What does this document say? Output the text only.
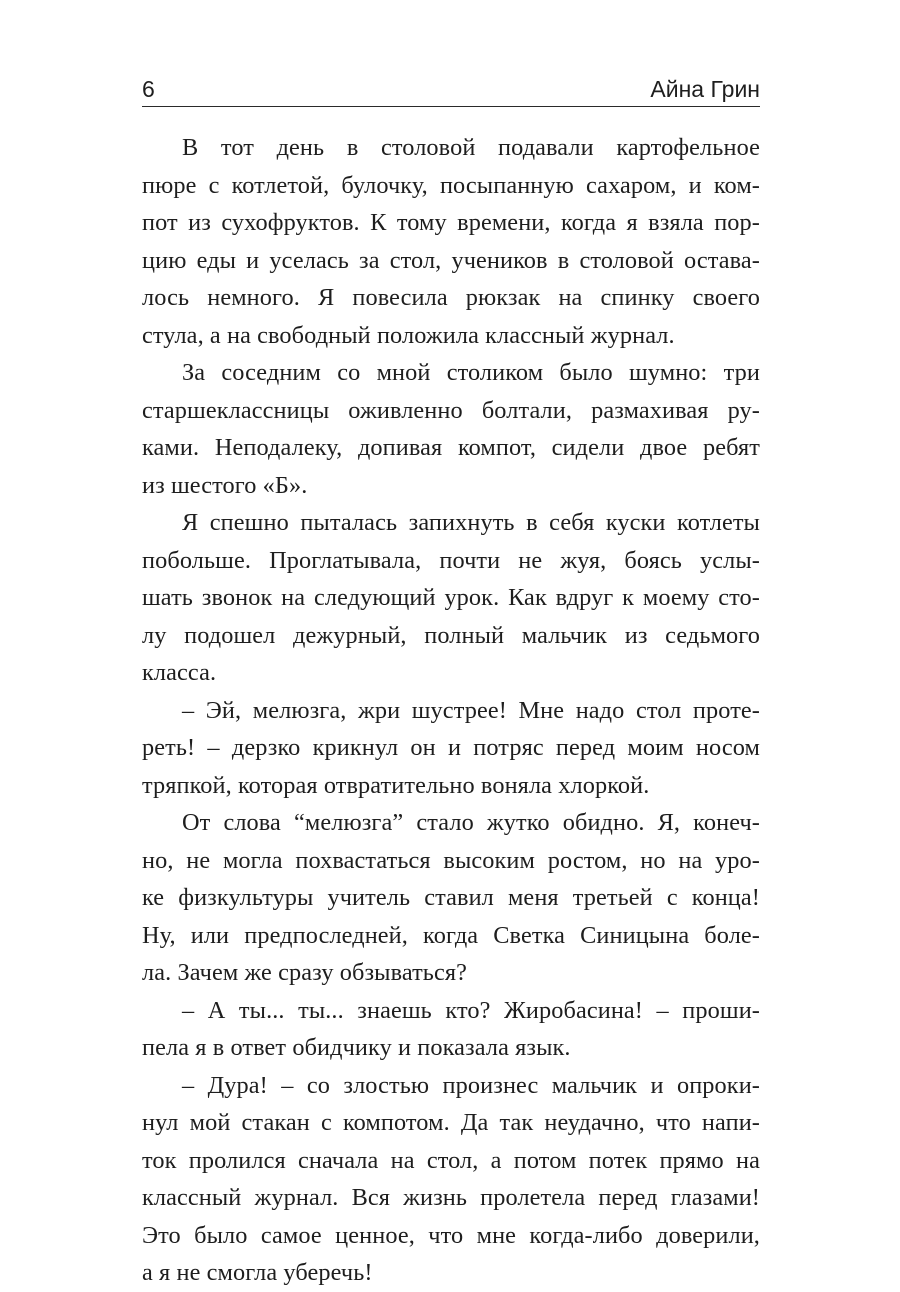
6	Айна Грин
В тот день в столовой подавали картофельное
пюре с котлетой, булочку, посыпанную сахаром, и ком-
пот из сухофруктов. К тому времени, когда я взяла пор-
цию еды и уселась за стол, учеников в столовой остава-
лось немного. Я повесила рюкзак на спинку своего
стула, а на свободный положила классный журнал.
За соседним со мной столиком было шумно: три
старшеклассницы оживленно болтали, размахивая ру-
ками. Неподалеку, допивая компот, сидели двое ребят
из шестого «Б».
Я спешно пыталась запихнуть в себя куски котлеты
побольше. Проглатывала, почти не жуя, боясь услы-
шать звонок на следующий урок. Как вдруг к моему сто-
лу подошел дежурный, полный мальчик из седьмого
класса.
– Эй, мелюзга, жри шустрее! Мне надо стол проте-
реть! – дерзко крикнул он и потряс перед моим носом
тряпкой, которая отвратительно воняла хлоркой.
От слова “мелюзга” стало жутко обидно. Я, конеч-
но, не могла похвастаться высоким ростом, но на уро-
ке физкультуры учитель ставил меня третьей с конца!
Ну, или предпоследней, когда Светка Синицына боле-
ла. Зачем же сразу обзываться?
– А ты... ты... знаешь кто? Жиробасина! – проши-
пела я в ответ обидчику и показала язык.
– Дура! – со злостью произнес мальчик и опроки-
нул мой стакан с компотом. Да так неудачно, что напи-
ток пролился сначала на стол, а потом потек прямо на
классный журнал. Вся жизнь пролетела перед глазами!
Это было самое ценное, что мне когда-либо доверили,
а я не смогла уберечь!
